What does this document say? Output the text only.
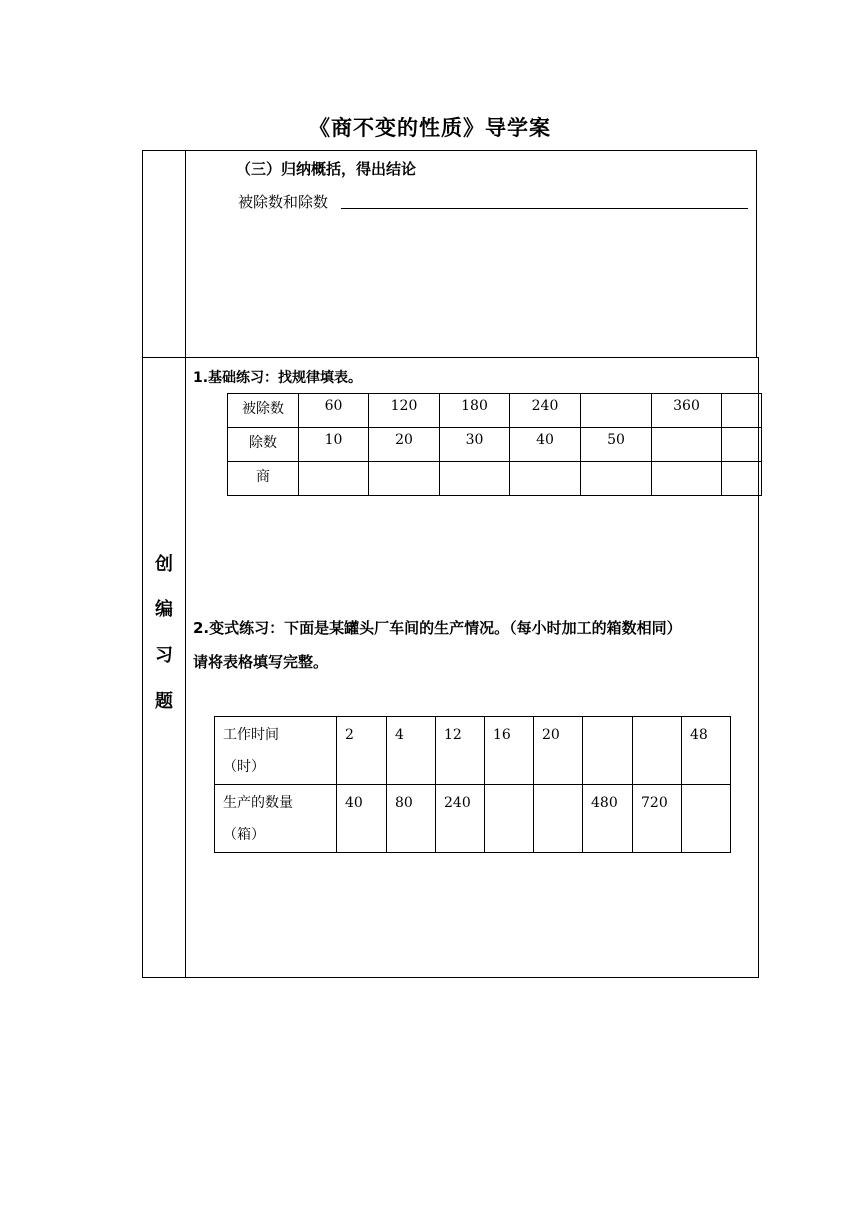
《商不变的性质》导学案
（三）归纳概括，得出结论
被除数和除数
创
编
习
题
1.基础练习：找规律填表。
被除数	60	120	180	240		360	
除数	10	20	30	40	50		
商							
2.变式练习：下面是某罐头厂车间的生产情况。（每小时加工的箱数相同）
请将表格填写完整。
工作时间
（时）	2	4	12	16	20			48

生产的数量
（箱）	40	80	240			480	720	
